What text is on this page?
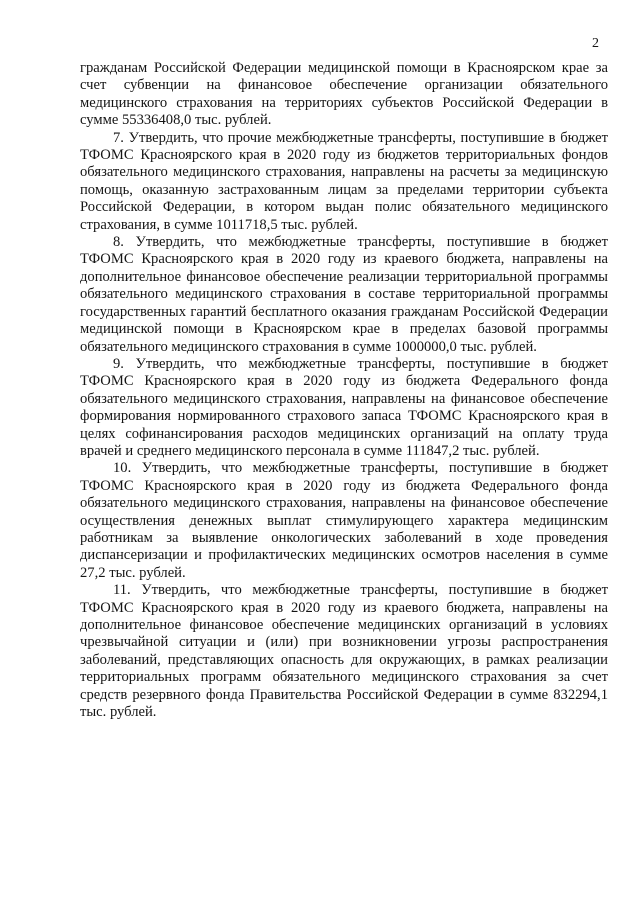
2

гражданам Российской Федерации медицинской помощи в Красноярском крае за счет субвенции на финансовое обеспечение организации обязательного медицинского страхования на территориях субъектов Российской Федерации в сумме 55336408,0 тыс. рублей.

7. Утвердить, что прочие межбюджетные трансферты, поступившие в бюджет ТФОМС Красноярского края в 2020 году из бюджетов территориальных фондов обязательного медицинского страхования, направлены на расчеты за медицинскую помощь, оказанную застрахованным лицам за пределами территории субъекта Российской Федерации, в котором выдан полис обязательного медицинского страхования, в сумме 1011718,5 тыс. рублей.

8. Утвердить, что межбюджетные трансферты, поступившие в бюджет ТФОМС Красноярского края в 2020 году из краевого бюджета, направлены на дополнительное финансовое обеспечение реализации территориальной программы обязательного медицинского страхования в составе территориальной программы государственных гарантий бесплатного оказания гражданам Российской Федерации медицинской помощи в Красноярском крае в пределах базовой программы обязательного медицинского страхования в сумме 1000000,0 тыс. рублей.

9. Утвердить, что межбюджетные трансферты, поступившие в бюджет ТФОМС Красноярского края в 2020 году из бюджета Федерального фонда обязательного медицинского страхования, направлены на финансовое обеспечение формирования нормированного страхового запаса ТФОМС Красноярского края в целях софинансирования расходов медицинских организаций на оплату труда врачей и среднего медицинского персонала в сумме 111847,2 тыс. рублей.

10. Утвердить, что межбюджетные трансферты, поступившие в бюджет ТФОМС Красноярского края в 2020 году из бюджета Федерального фонда обязательного медицинского страхования, направлены на финансовое обеспечение осуществления денежных выплат стимулирующего характера медицинским работникам за выявление онкологических заболеваний в ходе проведения диспансеризации и профилактических медицинских осмотров населения в сумме 27,2 тыс. рублей.

11. Утвердить, что межбюджетные трансферты, поступившие в бюджет ТФОМС Красноярского края в 2020 году из краевого бюджета, направлены на дополнительное финансовое обеспечение медицинских организаций в условиях чрезвычайной ситуации и (или) при возникновении угрозы распространения заболеваний, представляющих опасность для окружающих, в рамках реализации территориальных программ обязательного медицинского страхования за счет средств резервного фонда Правительства Российской Федерации в сумме 832294,1 тыс. рублей.
